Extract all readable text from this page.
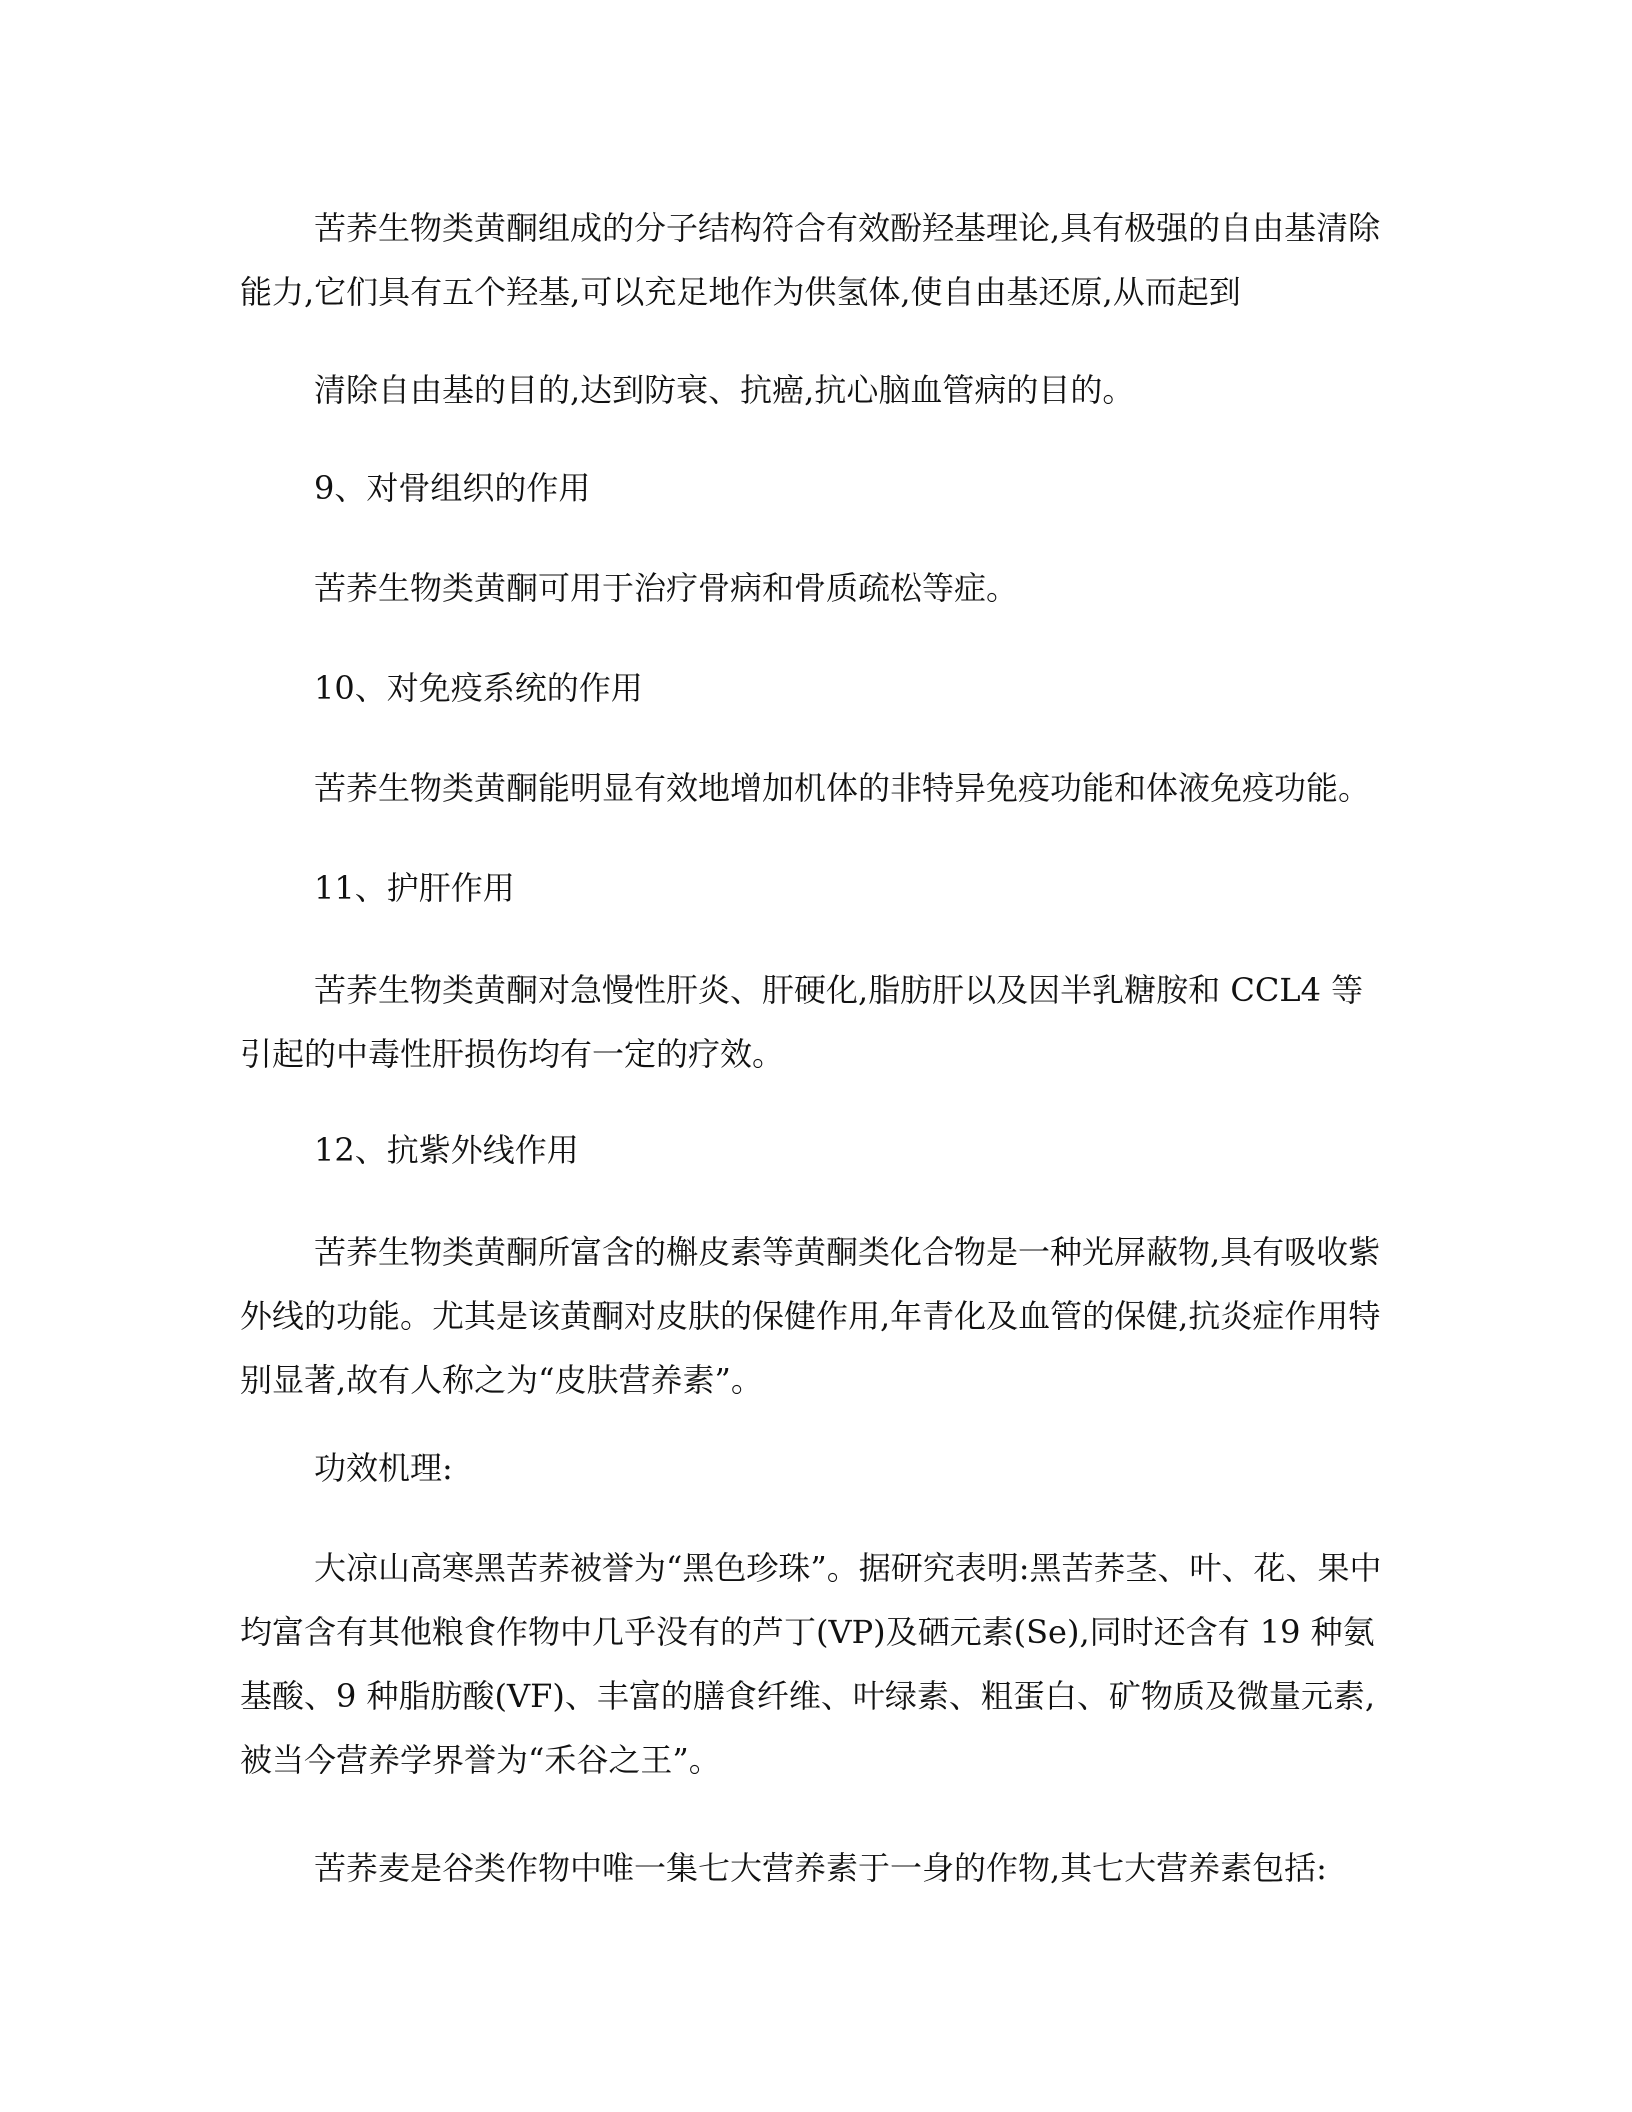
苦荞生物类黄酮组成的分子结构符合有效酚羟基理论,具有极强的自由基清除能力,它们具有五个羟基,可以充足地作为供氢体,使自由基还原,从而起到

清除自由基的目的,达到防衰、抗癌,抗心脑血管病的目的。

9、对骨组织的作用

苦荞生物类黄酮可用于治疗骨病和骨质疏松等症。

10、对免疫系统的作用

苦荞生物类黄酮能明显有效地增加机体的非特异免疫功能和体液免疫功能。

11、护肝作用

苦荞生物类黄酮对急慢性肝炎、肝硬化,脂肪肝以及因半乳糖胺和 CCL4 等引起的中毒性肝损伤均有一定的疗效。

12、抗紫外线作用

苦荞生物类黄酮所富含的槲皮素等黄酮类化合物是一种光屏蔽物,具有吸收紫外线的功能。尤其是该黄酮对皮肤的保健作用,年青化及血管的保健,抗炎症作用特别显著,故有人称之为“皮肤营养素”。

功效机理:

大凉山高寒黑苦荞被誉为“黑色珍珠”。据研究表明:黑苦荞茎、叶、花、果中均富含有其他粮食作物中几乎没有的芦丁(VP)及硒元素(Se),同时还含有 19 种氨基酸、9 种脂肪酸(VF)、丰富的膳食纤维、叶绿素、粗蛋白、矿物质及微量元素,被当今营养学界誉为“禾谷之王”。

苦荞麦是谷类作物中唯一集七大营养素于一身的作物,其七大营养素包括:
